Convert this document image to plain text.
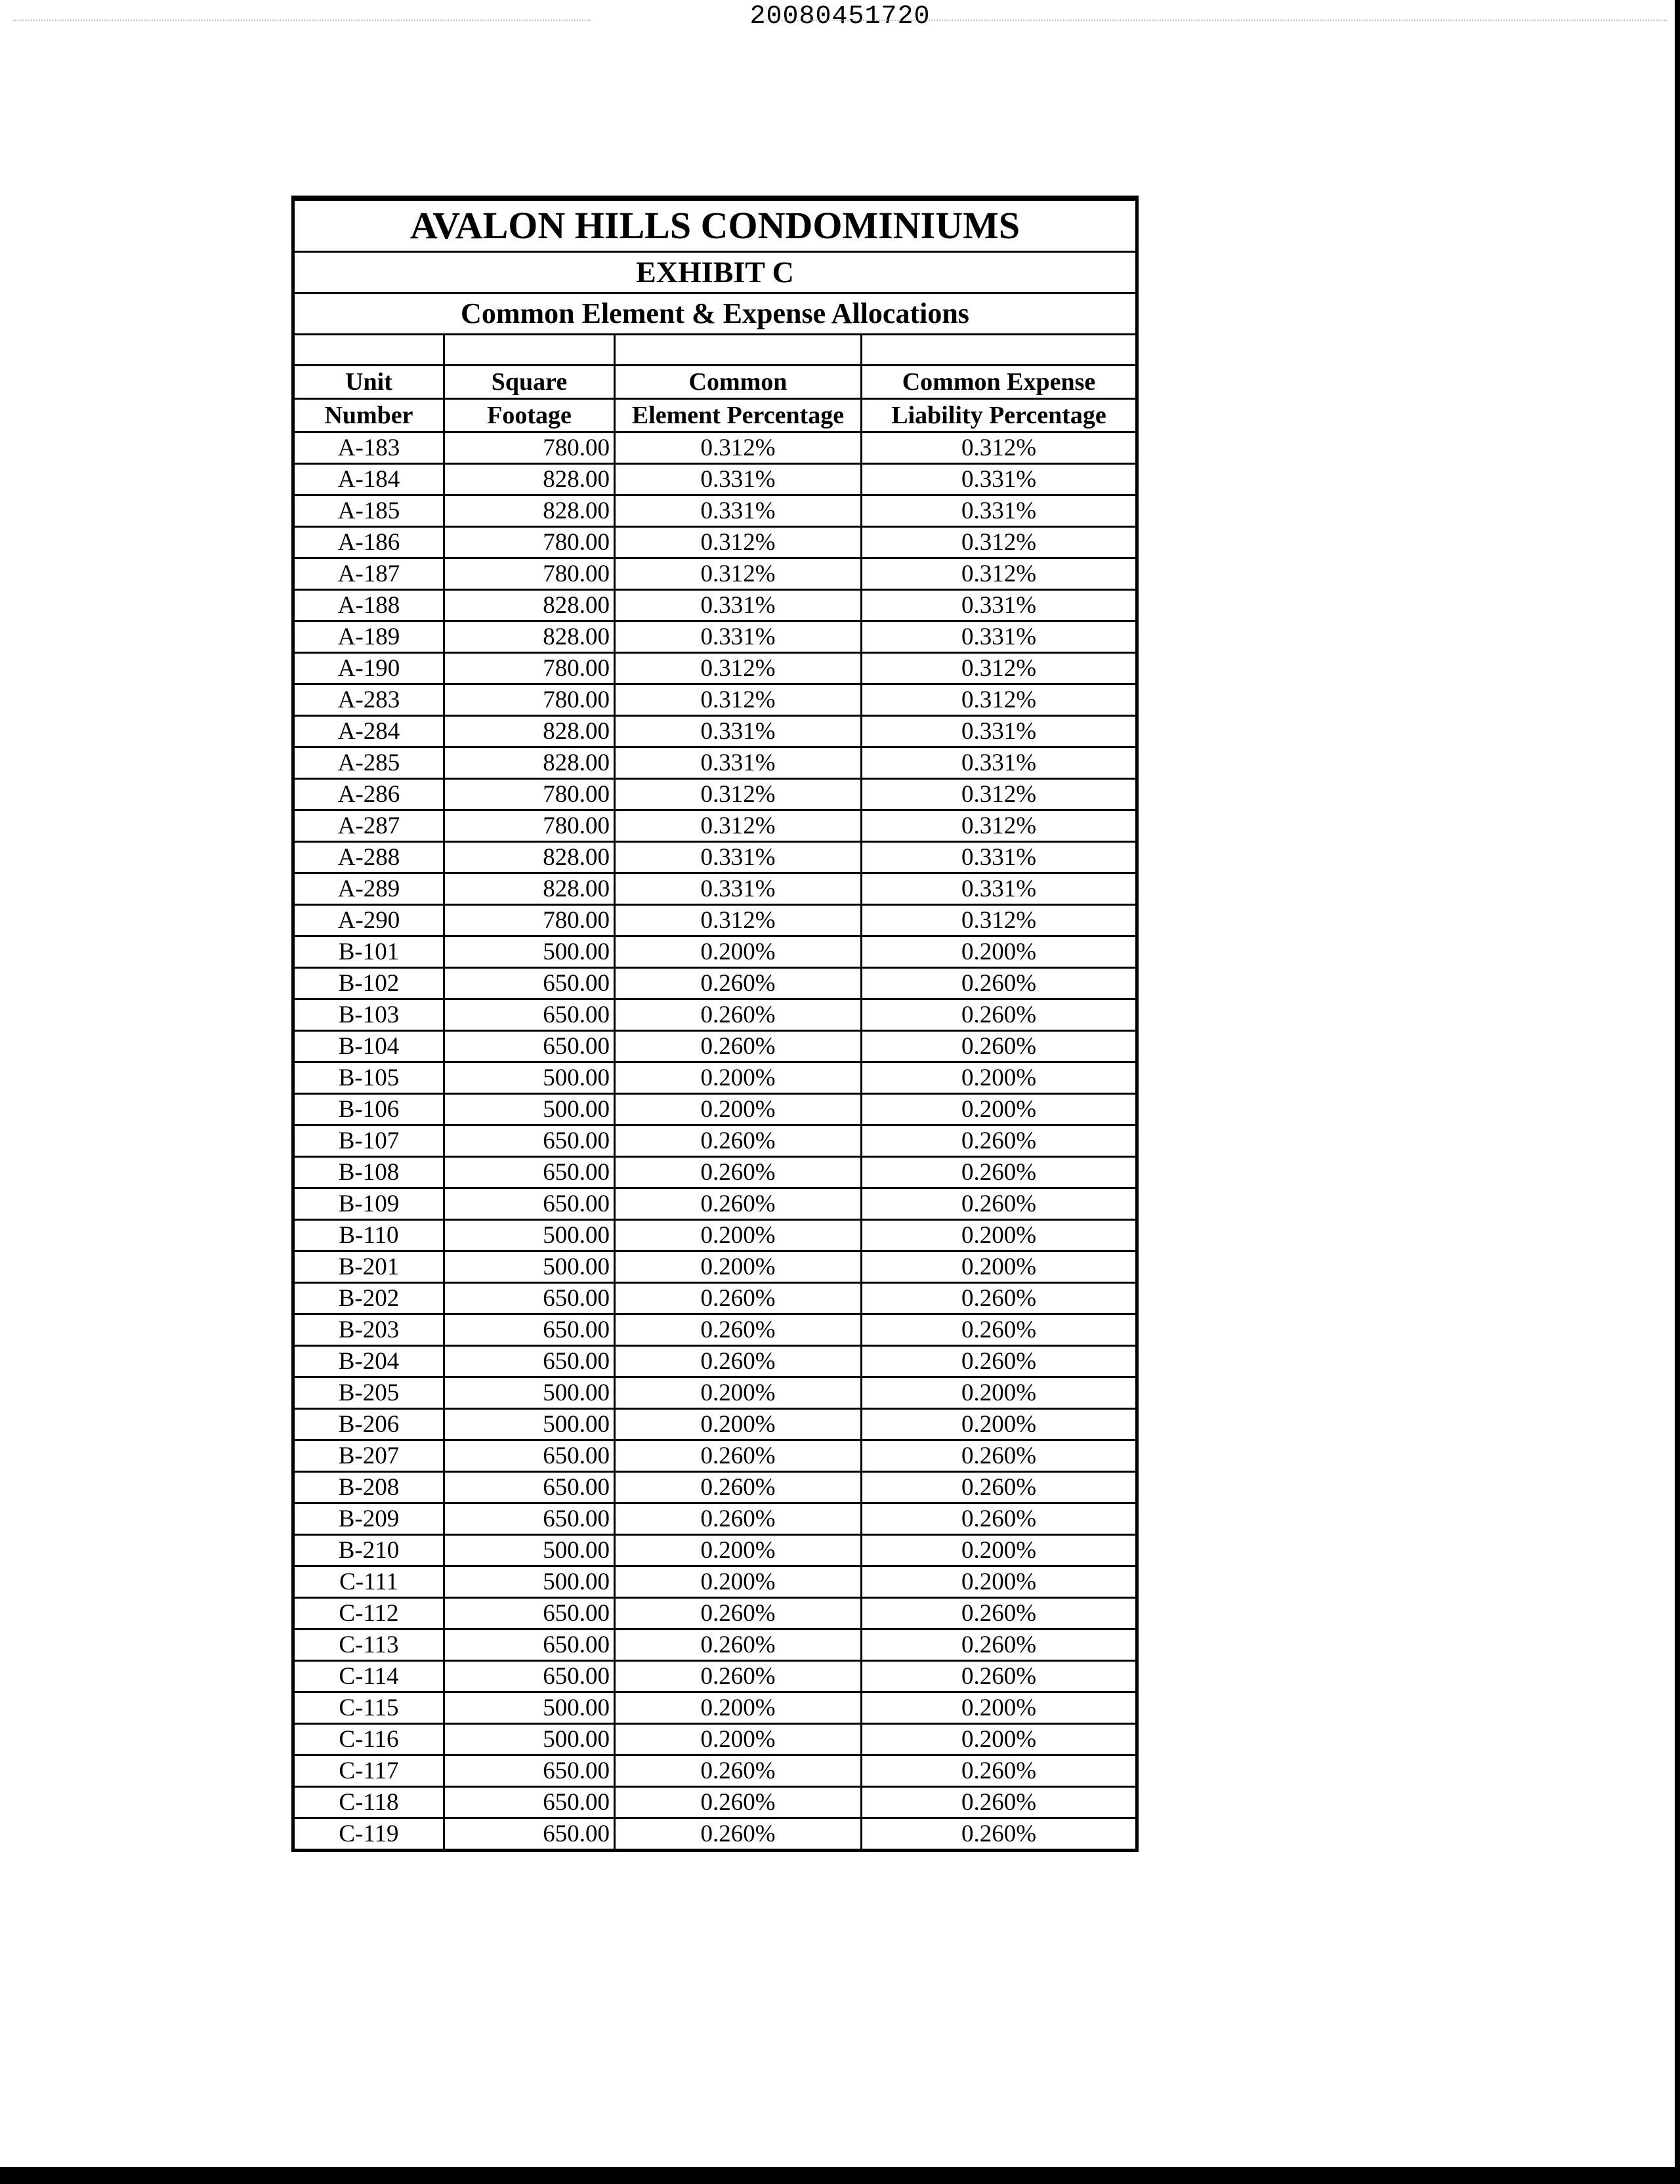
20080451720
AVALON HILLS CONDOMINIUMS			
EXHIBIT C			
Common Element & Expense Allocations			

Unit	Square	Common	Common Expense
Number	Footage	Element Percentage	Liability Percentage
A-183	780.00	0.312%	0.312%
A-184	828.00	0.331%	0.331%
A-185	828.00	0.331%	0.331%
A-186	780.00	0.312%	0.312%
A-187	780.00	0.312%	0.312%
A-188	828.00	0.331%	0.331%
A-189	828.00	0.331%	0.331%
A-190	780.00	0.312%	0.312%
A-283	780.00	0.312%	0.312%
A-284	828.00	0.331%	0.331%
A-285	828.00	0.331%	0.331%
A-286	780.00	0.312%	0.312%
A-287	780.00	0.312%	0.312%
A-288	828.00	0.331%	0.331%
A-289	828.00	0.331%	0.331%
A-290	780.00	0.312%	0.312%
B-101	500.00	0.200%	0.200%
B-102	650.00	0.260%	0.260%
B-103	650.00	0.260%	0.260%
B-104	650.00	0.260%	0.260%
B-105	500.00	0.200%	0.200%
B-106	500.00	0.200%	0.200%
B-107	650.00	0.260%	0.260%
B-108	650.00	0.260%	0.260%
B-109	650.00	0.260%	0.260%
B-110	500.00	0.200%	0.200%
B-201	500.00	0.200%	0.200%
B-202	650.00	0.260%	0.260%
B-203	650.00	0.260%	0.260%
B-204	650.00	0.260%	0.260%
B-205	500.00	0.200%	0.200%
B-206	500.00	0.200%	0.200%
B-207	650.00	0.260%	0.260%
B-208	650.00	0.260%	0.260%
B-209	650.00	0.260%	0.260%
B-210	500.00	0.200%	0.200%
C-111	500.00	0.200%	0.200%
C-112	650.00	0.260%	0.260%
C-113	650.00	0.260%	0.260%
C-114	650.00	0.260%	0.260%
C-115	500.00	0.200%	0.200%
C-116	500.00	0.200%	0.200%
C-117	650.00	0.260%	0.260%
C-118	650.00	0.260%	0.260%
C-119	650.00	0.260%	0.260%
